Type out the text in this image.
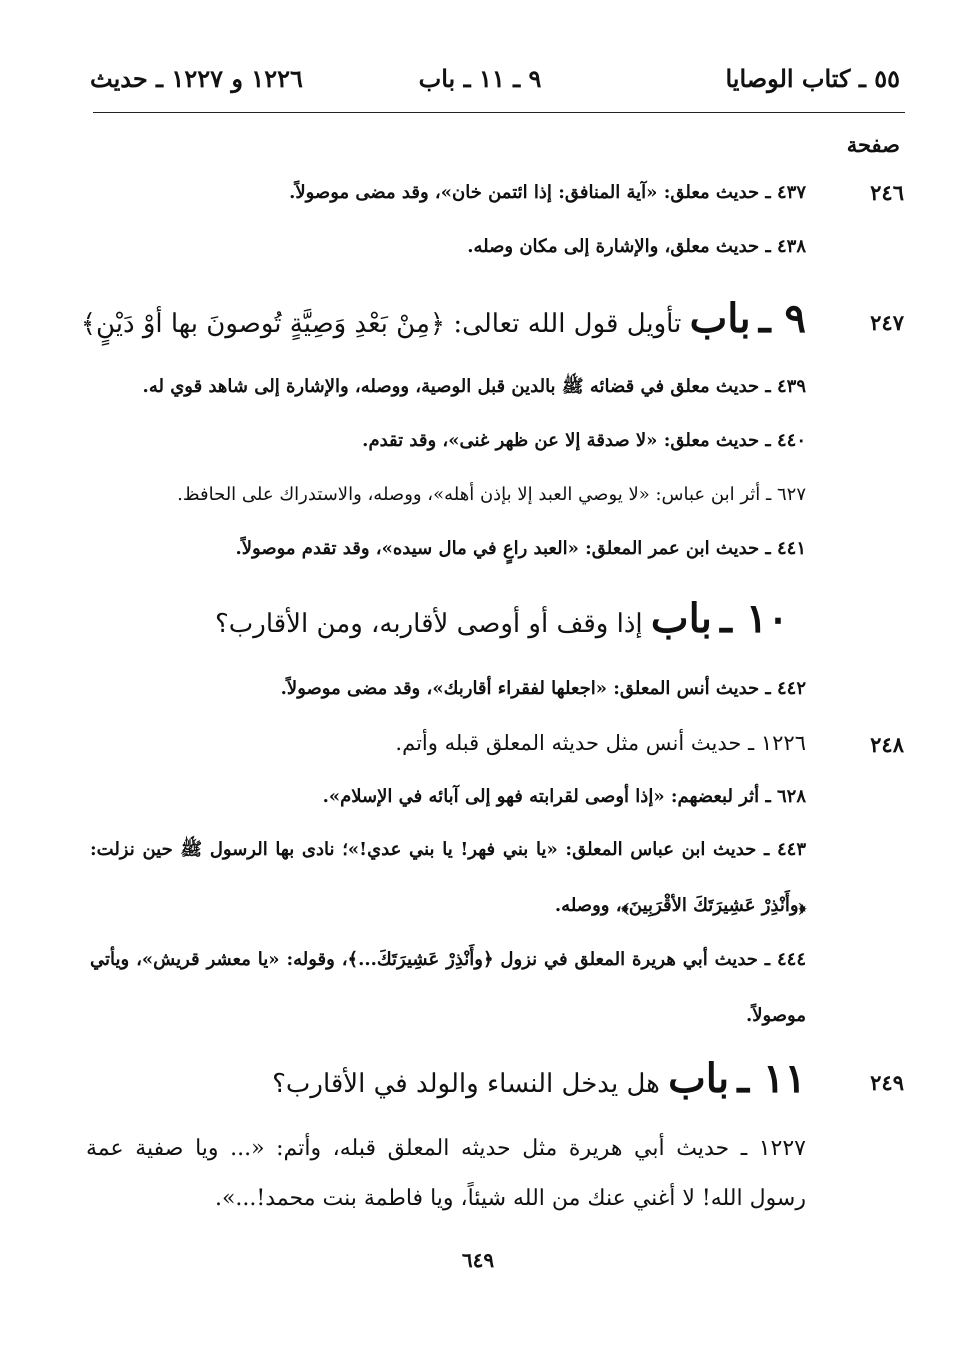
٥٥ ـ كتاب الوصايا
٩ ـ ١١ ـ باب
١٢٢٦ و ١٢٢٧ ـ حديث
صفحة
٢٤٦
٤٣٧ ـ حديث معلق: «آية المنافق: إذا ائتمن خان»، وقد مضى موصولاً.
٤٣٨ ـ حديث معلق، والإشارة إلى مكان وصله.
٢٤٧
٩ ـ باب تأويل قول الله تعالى: ﴿مِنْ بَعْدِ وَصِيَّةٍ تُوصونَ بها أوْ دَيْنٍ﴾
٤٣٩ ـ حديث معلق في قضائه ﷺ بالدين قبل الوصية، ووصله، والإشارة إلى شاهد قوي له.
٤٤٠ ـ حديث معلق: «لا صدقة إلا عن ظهر غنى»، وقد تقدم.
٦٢٧ ـ أثر ابن عباس: «لا يوصي العبد إلا بإذن أهله»، ووصله، والاستدراك على الحافظ.
٤٤١ ـ حديث ابن عمر المعلق: «العبد راعٍ في مال سيده»، وقد تقدم موصولاً.
١٠ ـ باب إذا وقف أو أوصى لأقاربه، ومن الأقارب؟
٤٤٢ ـ حديث أنس المعلق: «اجعلها لفقراء أقاربك»، وقد مضى موصولاً.
٢٤٨
١٢٢٦ ـ حديث أنس مثل حديثه المعلق قبله وأتم.
٦٢٨ ـ أثر لبعضهم: «إذا أوصى لقرابته فهو إلى آبائه في الإسلام».
٤٤٣ ـ حديث ابن عباس المعلق: «يا بني فهر! يا بني عدي!»؛ نادى بها الرسول ﷺ حين نزلت: ﴿وأَنْذِرْ عَشِيرَتَكَ الأقْرَبِينَ﴾، ووصله.
٤٤٤ ـ حديث أبي هريرة المعلق في نزول ﴿وأَنْذِرْ عَشِيرَتَكَ...﴾، وقوله: «يا معشر قريش»، ويأتي موصولاً.
٢٤٩
١١ ـ باب هل يدخل النساء والولد في الأقارب؟
١٢٢٧ ـ حديث أبي هريرة مثل حديثه المعلق قبله، وأتم: «... ويا صفية عمة رسول الله! لا أغني عنك من الله شيئاً، ويا فاطمة بنت محمد!...».
٦٤٩
